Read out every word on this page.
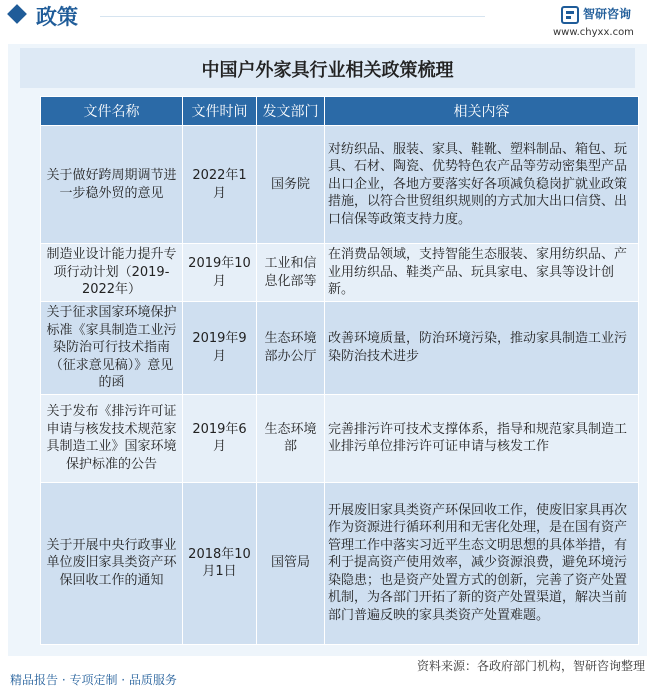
政策	智研咨询
www.chyxx.com
中国户外家具行业相关政策梳理
文件名称	文件时间	发文部门	相关内容
关于做好跨周期调节进一步稳外贸的意见	2022年1月	国务院	对纺织品、服装、家具、鞋靴、塑料制品、箱包、玩具、石材、陶瓷、优势特色农产品等劳动密集型产品出口企业，各地方要落实好各项减负稳岗扩就业政策措施，以符合世贸组织规则的方式加大出口信贷、出口信保等政策支持力度。
制造业设计能力提升专项行动计划（2019-2022年）	2019年10月	工业和信息化部等	在消费品领域，支持智能生态服装、家用纺织品、产业用纺织品、鞋类产品、玩具家电、家具等设计创新。
关于征求国家环境保护标准《家具制造工业污染防治可行技术指南（征求意见稿）》意见的函	2019年9月	生态环境部办公厅	改善环境质量，防治环境污染，推动家具制造工业污染防治技术进步
关于发布《排污许可证申请与核发技术规范家具制造工业》国家环境保护标准的公告	2019年6月	生态环境部	完善排污许可技术支撑体系，指导和规范家具制造工业排污单位排污许可证申请与核发工作
关于开展中央行政事业单位废旧家具类资产环保回收工作的通知	2018年10月1日	国管局	开展废旧家具类资产环保回收工作，使废旧家具再次作为资源进行循环利用和无害化处理，是在国有资产管理工作中落实习近平生态文明思想的具体举措，有利于提高资产使用效率，减少资源浪费，避免环境污染隐患；也是资产处置方式的创新，完善了资产处置机制，为各部门开拓了新的资产处置渠道，解决当前部门普遍反映的家具类资产处置难题。
资料来源：各政府部门机构，智研咨询整理
精品报告 · 专项定制 · 品质服务
